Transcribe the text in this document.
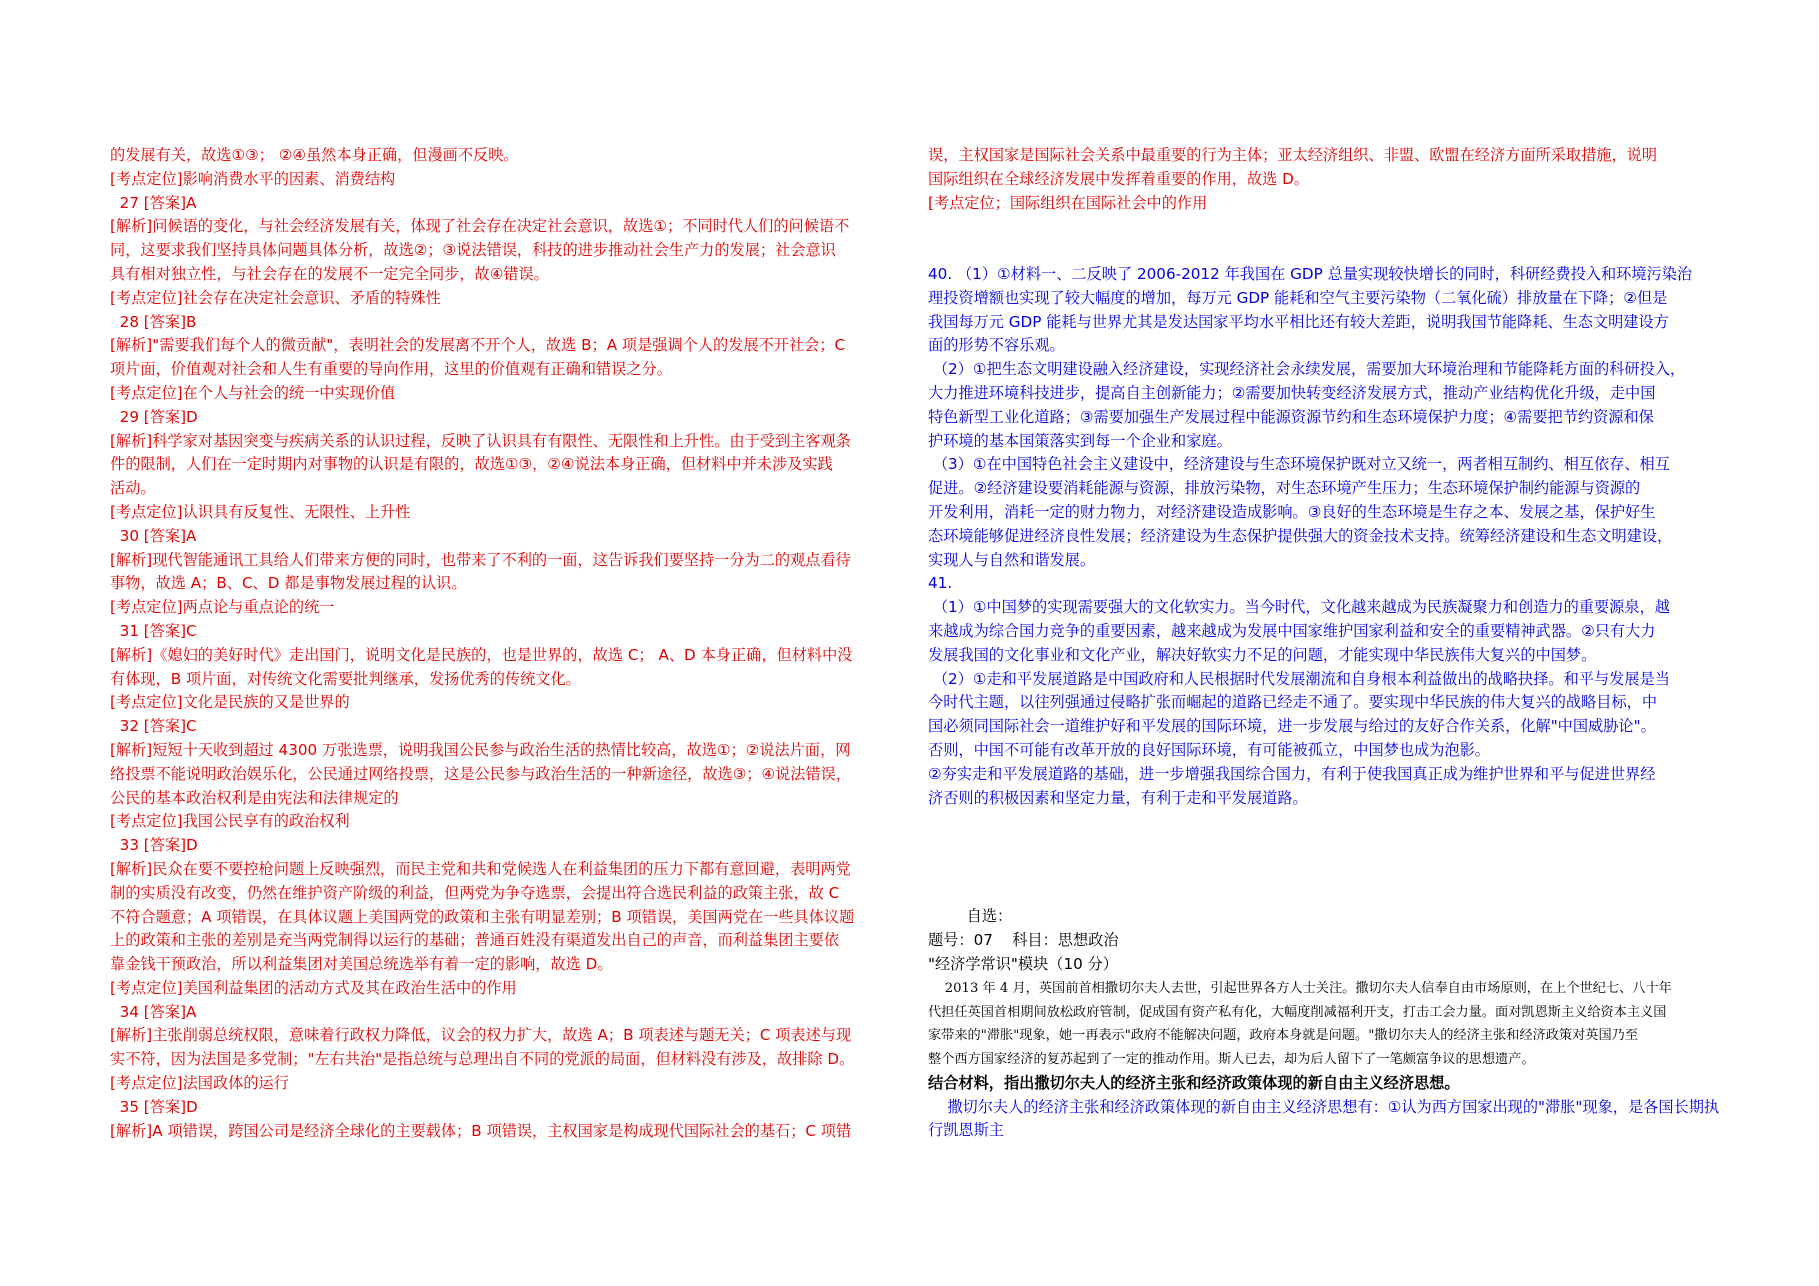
的发展有关，故选①③； ②④虽然本身正确，但漫画不反映。

[考点定位]影响消费水平的因素、消费结构

27 [答案]A

[解析]问候语的变化，与社会经济发展有关，体现了社会存在决定社会意识，故选①；不同时代人们的问候语不

同，这要求我们坚持具体问题具体分析，故选②；③说法错误，科技的进步推动社会生产力的发展；社会意识

具有相对独立性，与社会存在的发展不一定完全同步，故④错误。

[考点定位]社会存在决定社会意识、矛盾的特殊性

28 [答案]B

[解析]"需要我们每个人的微贡献"，表明社会的发展离不开个人，故选 B；A 项是强调个人的发展不开社会；C

项片面，价值观对社会和人生有重要的导向作用，这里的价值观有正确和错误之分。

[考点定位]在个人与社会的统一中实现价值

29 [答案]D

[解析]科学家对基因突变与疾病关系的认识过程，反映了认识具有有限性、无限性和上升性。由于受到主客观条

件的限制，人们在一定时期内对事物的认识是有限的，故选①③，②④说法本身正确，但材料中并未涉及实践

活动。

[考点定位]认识具有反复性、无限性、上升性

30 [答案]A

[解析]现代智能通讯工具给人们带来方便的同时，也带来了不利的一面，这告诉我们要坚持一分为二的观点看待

事物，故选 A；B、C、D 都是事物发展过程的认识。

[考点定位]两点论与重点论的统一

31 [答案]C

[解析]《媳妇的美好时代》走出国门，说明文化是民族的，也是世界的，故选 C； A、D 本身正确，但材料中没

有体现，B 项片面，对传统文化需要批判继承，发扬优秀的传统文化。

[考点定位]文化是民族的又是世界的

32 [答案]C

[解析]短短十天收到超过 4300 万张选票，说明我国公民参与政治生活的热情比较高，故选①；②说法片面，网

络投票不能说明政治娱乐化，公民通过网络投票，这是公民参与政治生活的一种新途径，故选③；④说法错误，

公民的基本政治权利是由宪法和法律规定的

[考点定位]我国公民享有的政治权利

33 [答案]D

[解析]民众在要不要控枪问题上反映强烈，而民主党和共和党候选人在利益集团的压力下都有意回避，表明两党

制的实质没有改变，仍然在维护资产阶级的利益，但两党为争夺选票，会提出符合选民利益的政策主张，故 C

不符合题意；A 项错误，在具体议题上美国两党的政策和主张有明显差别；B 项错误，美国两党在一些具体议题

上的政策和主张的差别是充当两党制得以运行的基础；普通百姓没有渠道发出自己的声音，而利益集团主要依

靠金钱干预政治，所以利益集团对美国总统选举有着一定的影响，故选 D。

[考点定位]美国利益集团的活动方式及其在政治生活中的作用

34 [答案]A

[解析]主张削弱总统权限，意味着行政权力降低，议会的权力扩大，故选 A；B 项表述与题无关；C 项表述与现

实不符，因为法国是多党制；"左右共治"是指总统与总理出自不同的党派的局面，但材料没有涉及，故排除 D。

[考点定位]法国政体的运行

35 [答案]D

[解析]A 项错误，跨国公司是经济全球化的主要载体；B 项错误，主权国家是构成现代国际社会的基石；C 项错

误，主权国家是国际社会关系中最重要的行为主体；亚太经济组织、非盟、欧盟在经济方面所采取措施，说明

国际组织在全球经济发展中发挥着重要的作用，故选 D。

[考点定位；国际组织在国际社会中的作用

40. （1）①材料一、二反映了 2006-2012 年我国在 GDP 总量实现较快增长的同时，科研经费投入和环境污染治

理投资增额也实现了较大幅度的增加，每万元 GDP 能耗和空气主要污染物（二氧化硫）排放量在下降；②但是

我国每万元 GDP 能耗与世界尤其是发达国家平均水平相比还有较大差距，说明我国节能降耗、生态文明建设方

面的形势不容乐观。

（2）①把生态文明建设融入经济建设，实现经济社会永续发展，需要加大环境治理和节能降耗方面的科研投入，

大力推进环境科技进步，提高自主创新能力；②需要加快转变经济发展方式，推动产业结构优化升级，走中国

特色新型工业化道路；③需要加强生产发展过程中能源资源节约和生态环境保护力度；④需要把节约资源和保

护环境的基本国策落实到每一个企业和家庭。

（3）①在中国特色社会主义建设中，经济建设与生态环境保护既对立又统一，两者相互制约、相互依存、相互

促进。②经济建设要消耗能源与资源，排放污染物，对生态环境产生压力；生态环境保护制约能源与资源的

开发利用，消耗一定的财力物力，对经济建设造成影响。③良好的生态环境是生存之本、发展之基，保护好生

态环境能够促进经济良性发展；经济建设为生态保护提供强大的资金技术支持。统筹经济建设和生态文明建设，

实现人与自然和谐发展。

41.

（1）①中国梦的实现需要强大的文化软实力。当今时代，文化越来越成为民族凝聚力和创造力的重要源泉，越

来越成为综合国力竞争的重要因素，越来越成为发展中国家维护国家利益和安全的重要精神武器。②只有大力

发展我国的文化事业和文化产业，解决好软实力不足的问题，才能实现中华民族伟大复兴的中国梦。

（2）①走和平发展道路是中国政府和人民根据时代发展潮流和自身根本利益做出的战略抉择。和平与发展是当

今时代主题，以往列强通过侵略扩张而崛起的道路已经走不通了。要实现中华民族的伟大复兴的战略目标，中

国必须同国际社会一道维护好和平发展的国际环境，进一步发展与给过的友好合作关系，化解"中国威胁论"。

否则，中国不可能有改革开放的良好国际环境，有可能被孤立，中国梦也成为泡影。

②夯实走和平发展道路的基础，进一步增强我国综合国力，有利于使我国真正成为维护世界和平与促进世界经

济否则的积极因素和坚定力量，有利于走和平发展道路。

自选：

题号：07    科目：思想政治

"经济学常识"模块（10 分）

2013 年 4 月，英国前首相撒切尔夫人去世，引起世界各方人士关注。撒切尔夫人信奉自由市场原则，在上个世纪七、八十年

代担任英国首相期间放松政府管制，促成国有资产私有化，大幅度削减福利开支，打击工会力量。面对凯恩斯主义给资本主义国

家带来的"滞胀"现象，她一再表示"政府不能解决问题，政府本身就是问题。"撒切尔夫人的经济主张和经济政策对英国乃至

整个西方国家经济的复苏起到了一定的推动作用。斯人已去，却为后人留下了一笔颇富争议的思想遗产。

结合材料，指出撒切尔夫人的经济主张和经济政策体现的新自由主义经济思想。

撒切尔夫人的经济主张和经济政策体现的新自由主义经济思想有：①认为西方国家出现的"滞胀"现象，是各国长期执行凯恩斯主
